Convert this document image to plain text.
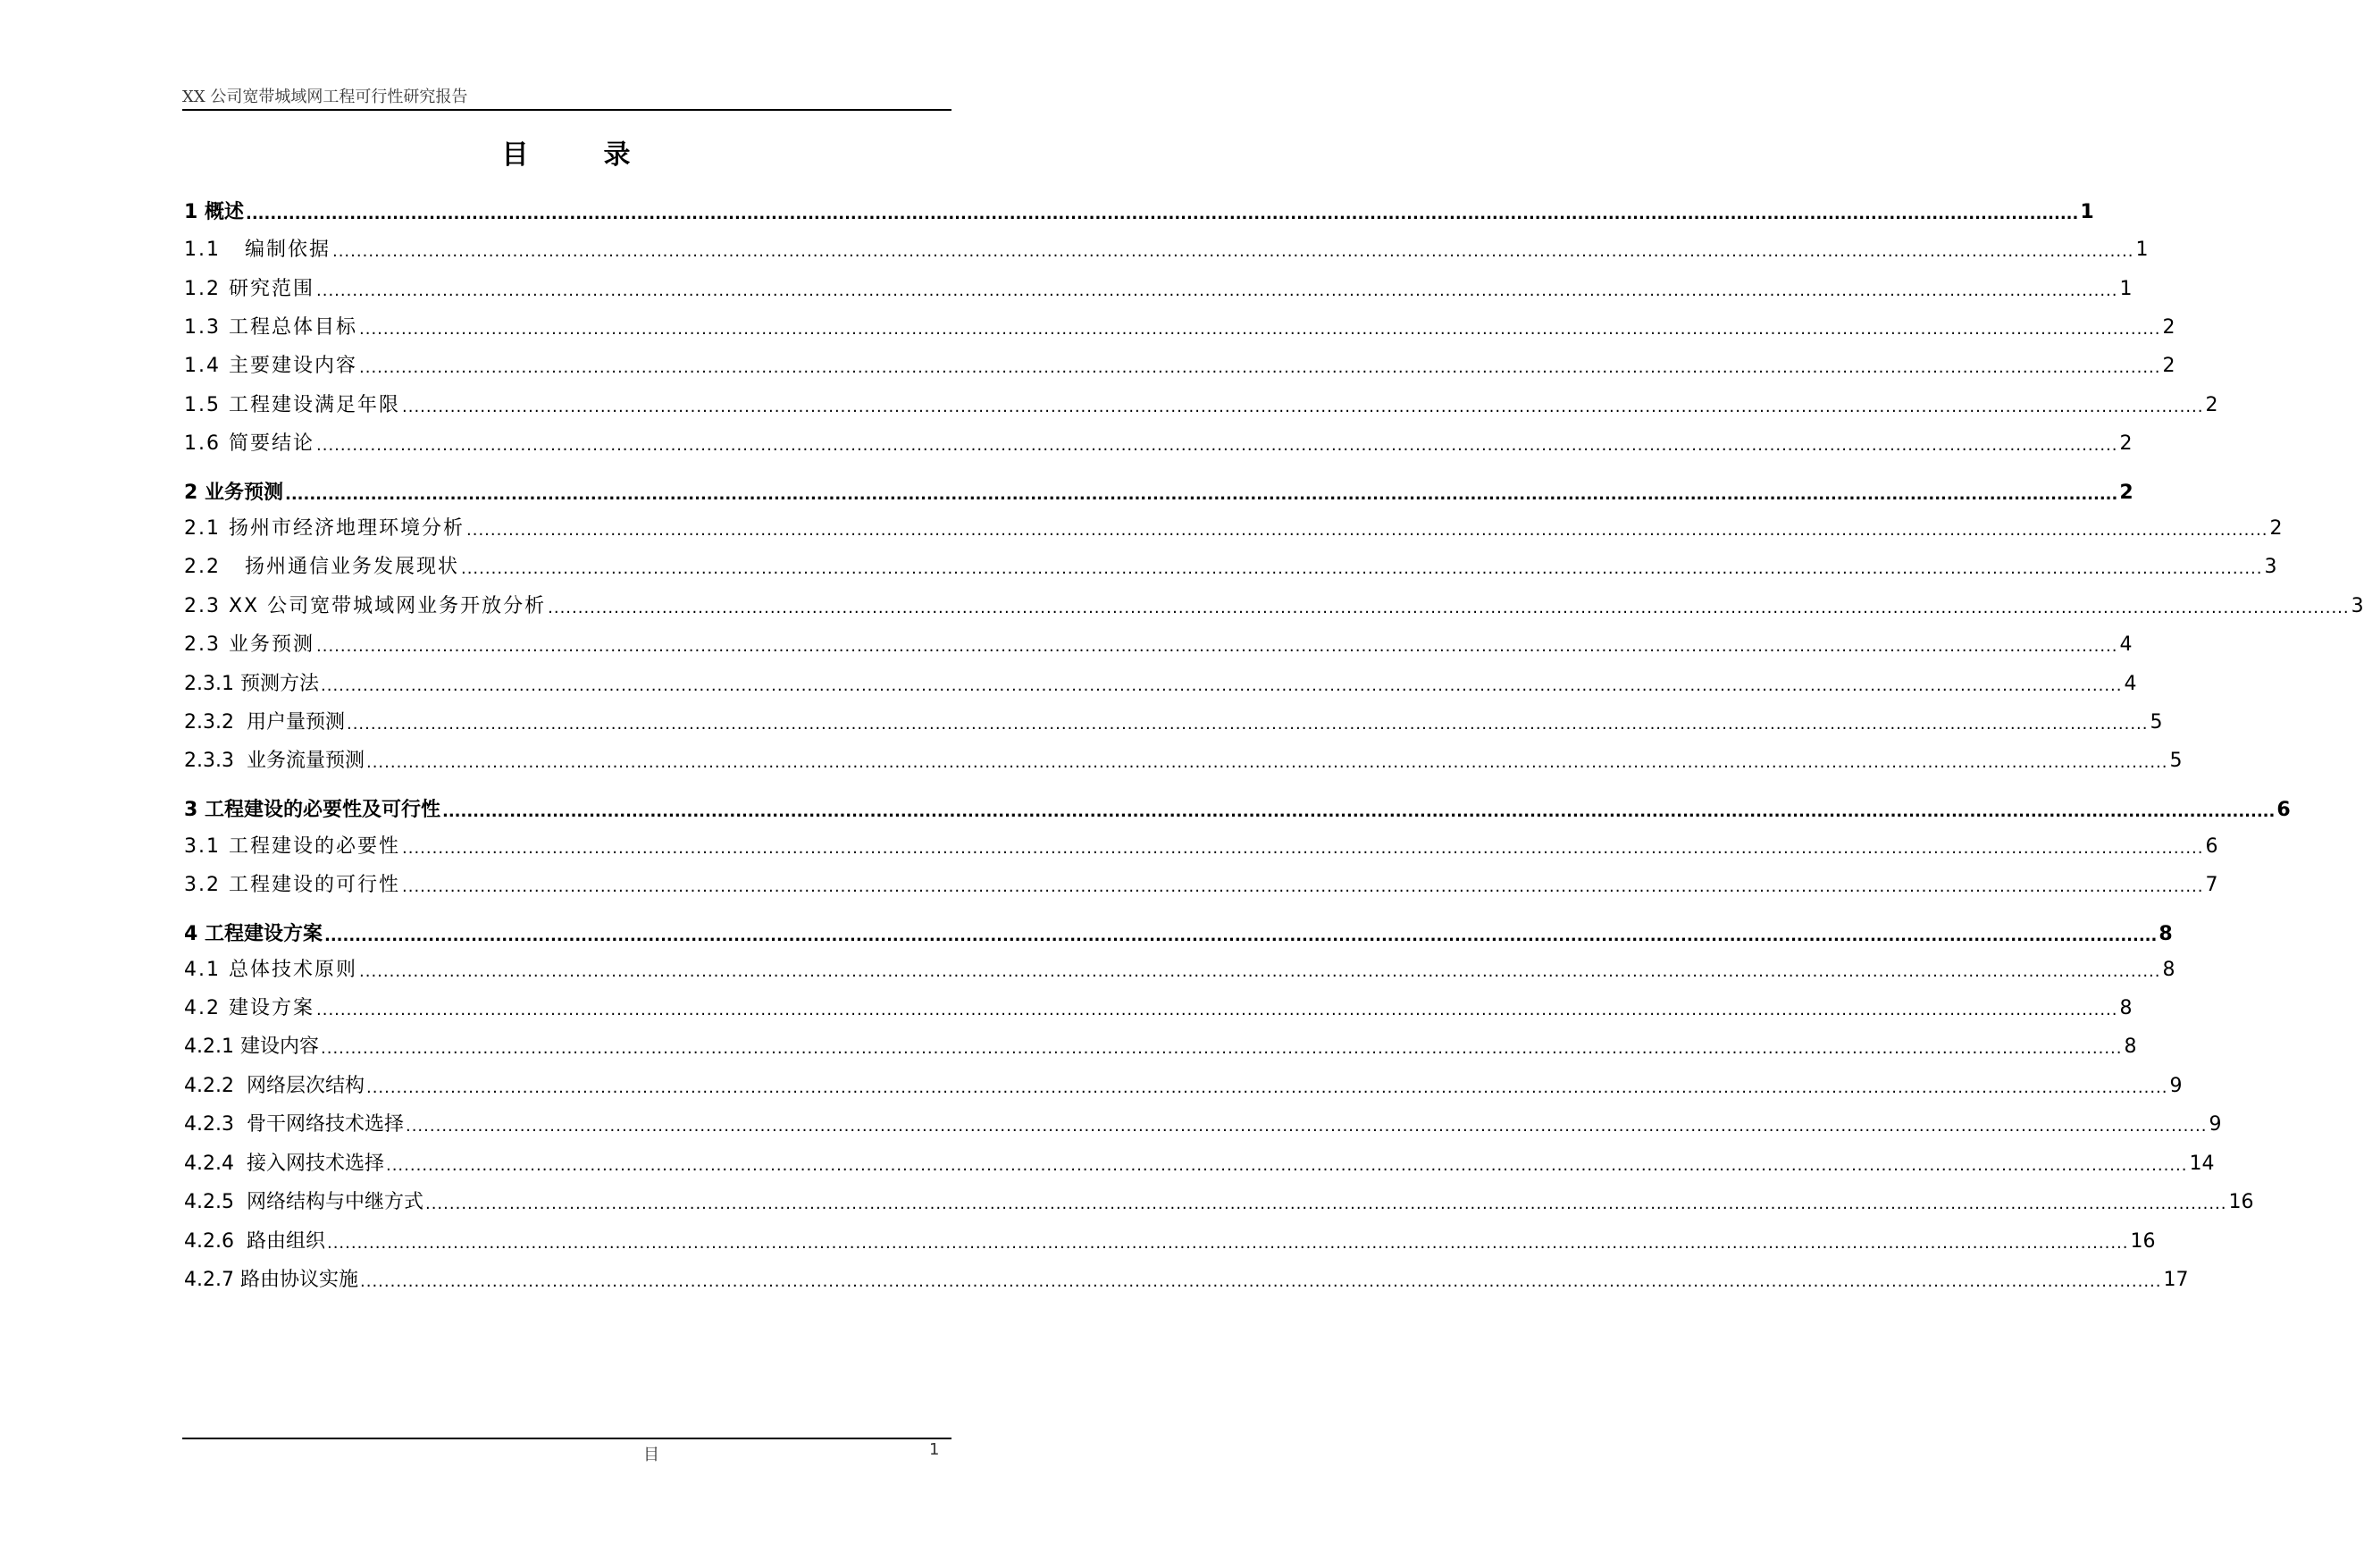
XX 公司宽带城域网工程可行性研究报告
目	录
1 概述 ............................................................................................................................................................................................................................................................................................................ 1
1.1 编制依据 ............................................................................................................................................................................................................................................................................................................ 1
1.2 研究范围 ............................................................................................................................................................................................................................................................................................................ 1
1.3 工程总体目标 ............................................................................................................................................................................................................................................................................................................ 2
1.4 主要建设内容 ............................................................................................................................................................................................................................................................................................................ 2
1.5 工程建设满足年限 ............................................................................................................................................................................................................................................................................................................ 2
1.6 简要结论 ............................................................................................................................................................................................................................................................................................................ 2
2 业务预测 ............................................................................................................................................................................................................................................................................................................ 2
2.1 扬州市经济地理环境分析 ............................................................................................................................................................................................................................................................................................................ 2
2.2 扬州通信业务发展现状 ............................................................................................................................................................................................................................................................................................................ 3
2.3 XX 公司宽带城域网业务开放分析 ............................................................................................................................................................................................................................................................................................................ 3
2.3 业务预测 ............................................................................................................................................................................................................................................................................................................ 4
2.3.1 预测方法 ............................................................................................................................................................................................................................................................................................................ 4
2.3.2 用户量预测 ............................................................................................................................................................................................................................................................................................................ 5
2.3.3 业务流量预测 ............................................................................................................................................................................................................................................................................................................ 5
3 工程建设的必要性及可行性 ............................................................................................................................................................................................................................................................................................................ 6
3.1 工程建设的必要性 ............................................................................................................................................................................................................................................................................................................ 6
3.2 工程建设的可行性 ............................................................................................................................................................................................................................................................................................................ 7
4 工程建设方案 ............................................................................................................................................................................................................................................................................................................ 8
4.1 总体技术原则 ............................................................................................................................................................................................................................................................................................................ 8
4.2 建设方案 ............................................................................................................................................................................................................................................................................................................ 8
4.2.1 建设内容 ............................................................................................................................................................................................................................................................................................................ 8
4.2.2 网络层次结构 ............................................................................................................................................................................................................................................................................................................ 9
4.2.3 骨干网络技术选择 ............................................................................................................................................................................................................................................................................................................ 9
4.2.4 接入网技术选择 ............................................................................................................................................................................................................................................................................................................ 14
4.2.5 网络结构与中继方式 ............................................................................................................................................................................................................................................................................................................ 16
4.2.6 路由组织 ............................................................................................................................................................................................................................................................................................................ 16
4.2.7 路由协议实施 ............................................................................................................................................................................................................................................................................................................ 17
目	1
